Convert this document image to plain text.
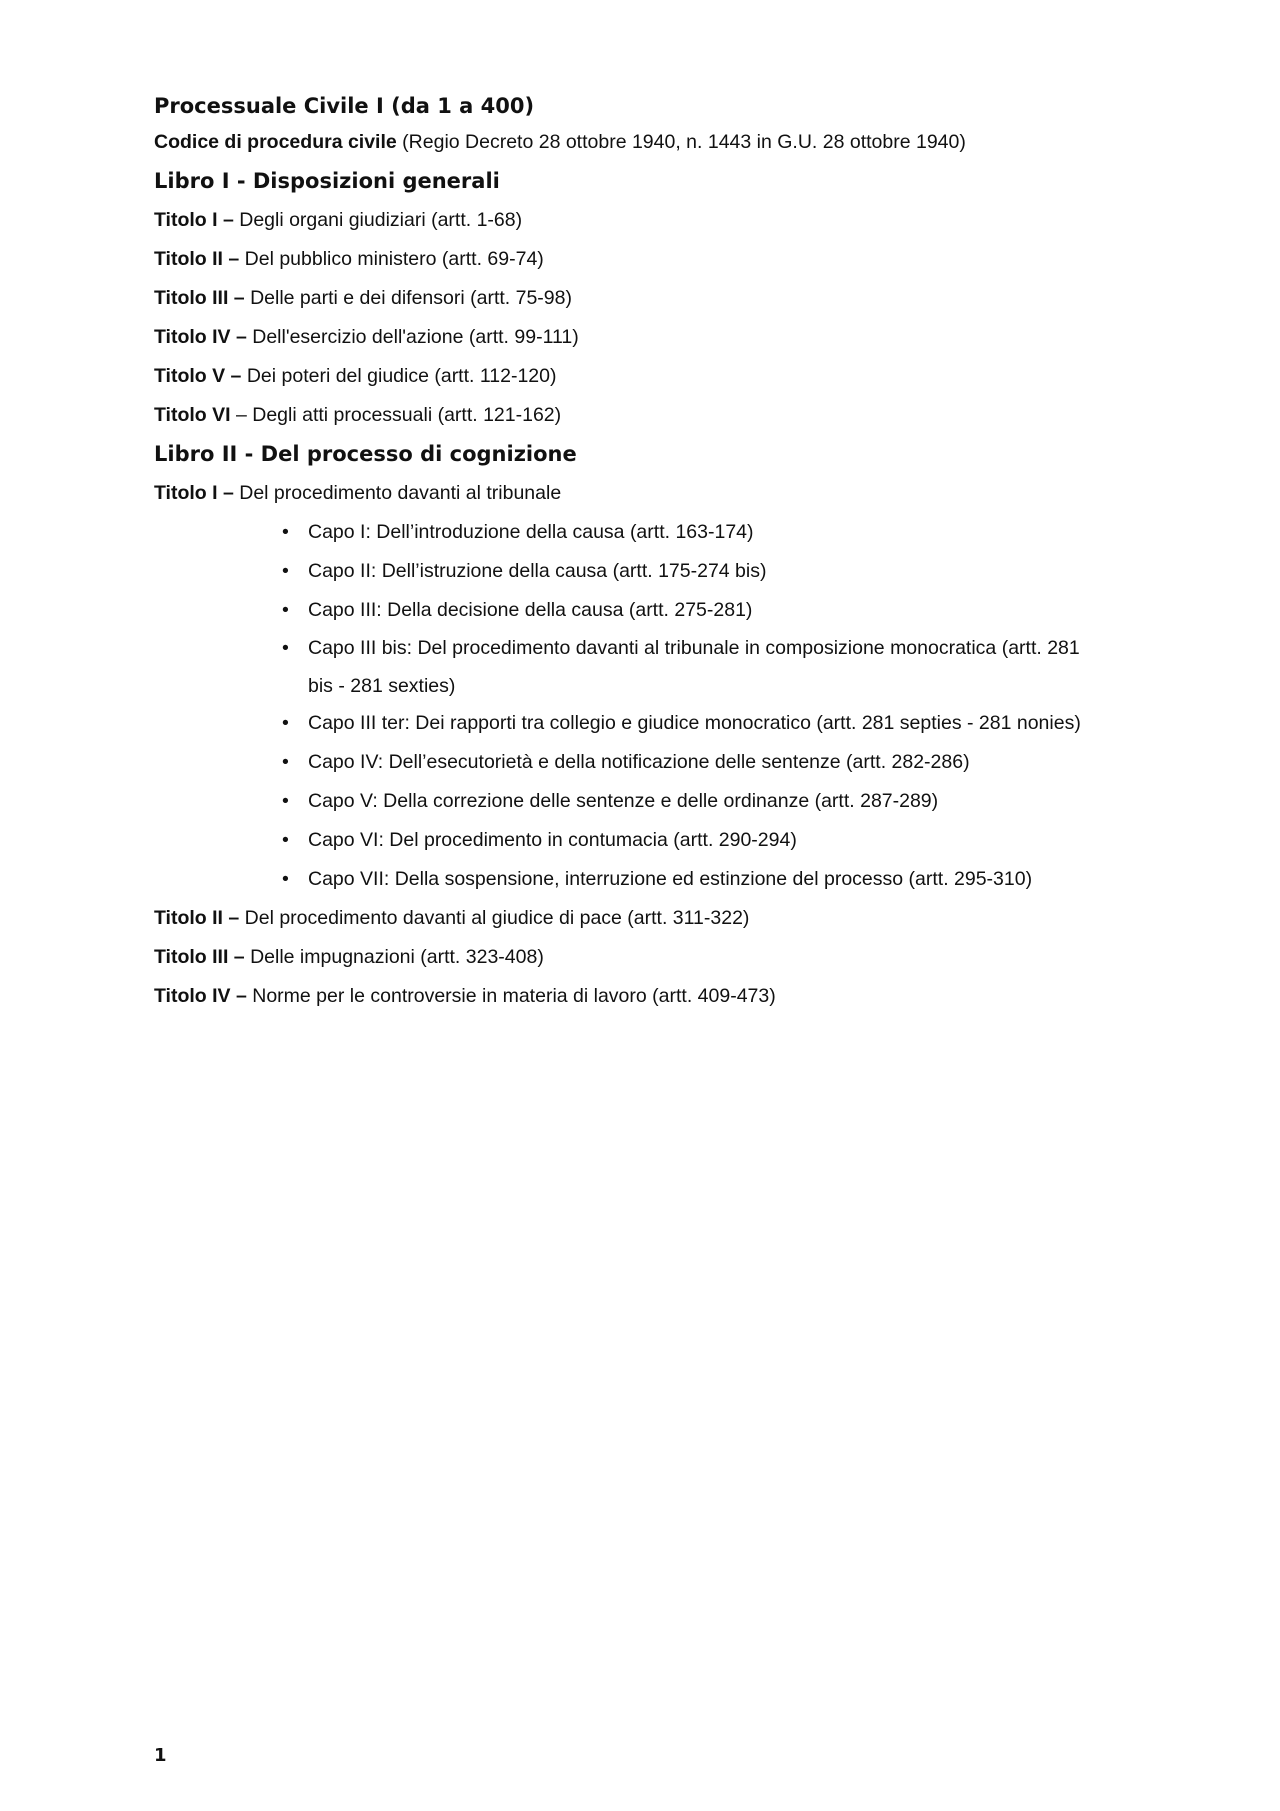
Processuale Civile I (da 1 a 400)
Codice di procedura civile (Regio Decreto 28 ottobre 1940, n. 1443 in G.U. 28 ottobre 1940)
Libro I - Disposizioni generali
Titolo I – Degli organi giudiziari (artt. 1-68)
Titolo II – Del pubblico ministero (artt. 69-74)
Titolo III – Delle parti e dei difensori (artt. 75-98)
Titolo IV – Dell'esercizio dell'azione (artt. 99-111)
Titolo V – Dei poteri del giudice (artt. 112-120)
Titolo VI – Degli atti processuali (artt. 121-162)
Libro II - Del processo di cognizione
Titolo I – Del procedimento davanti al tribunale
• Capo I: Dell’introduzione della causa (artt. 163-174)
• Capo II: Dell’istruzione della causa (artt. 175-274 bis)
• Capo III: Della decisione della causa (artt. 275-281)
• Capo III bis: Del procedimento davanti al tribunale in composizione monocratica (artt. 281 bis - 281 sexties)
• Capo III ter: Dei rapporti tra collegio e giudice monocratico (artt. 281 septies - 281 nonies)
• Capo IV: Dell’esecutorietà e della notificazione delle sentenze (artt. 282-286)
• Capo V: Della correzione delle sentenze e delle ordinanze (artt. 287-289)
• Capo VI: Del procedimento in contumacia (artt. 290-294)
• Capo VII: Della sospensione, interruzione ed estinzione del processo (artt. 295-310)
Titolo II – Del procedimento davanti al giudice di pace (artt. 311-322)
Titolo III – Delle impugnazioni (artt. 323-408)
Titolo IV – Norme per le controversie in materia di lavoro (artt. 409-473)
1
